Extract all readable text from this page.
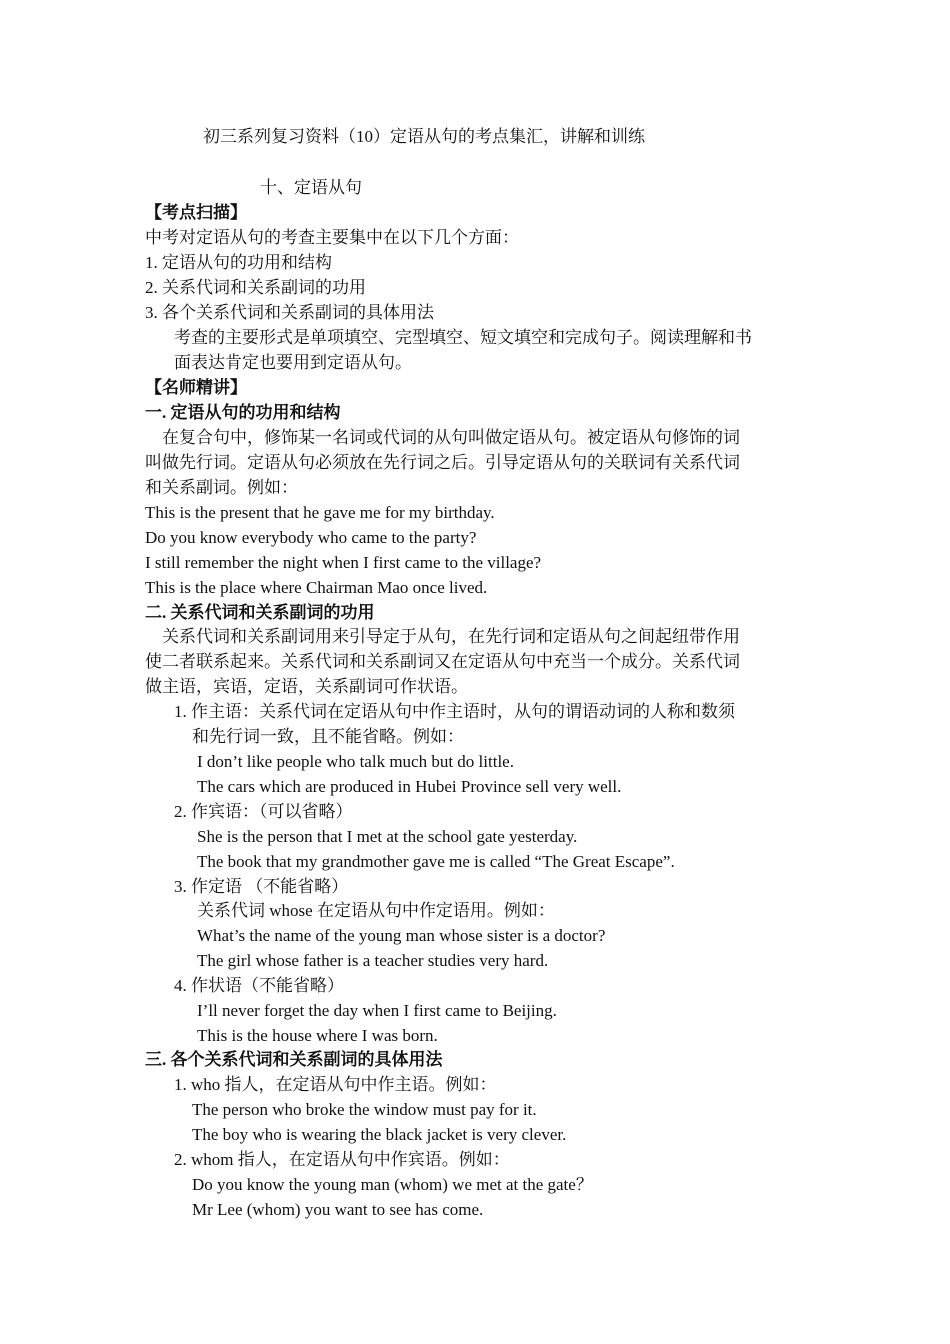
初三系列复习资料（10）定语从句的考点集汇，讲解和训练
十、定语从句
【考点扫描】
中考对定语从句的考查主要集中在以下几个方面：
1. 定语从句的功用和结构
2. 关系代词和关系副词的功用
3. 各个关系代词和关系副词的具体用法
考查的主要形式是单项填空、完型填空、短文填空和完成句子。阅读理解和书
面表达肯定也要用到定语从句。
【名师精讲】
一. 定语从句的功用和结构
在复合句中，修饰某一名词或代词的从句叫做定语从句。被定语从句修饰的词
叫做先行词。定语从句必须放在先行词之后。引导定语从句的关联词有关系代词
和关系副词。例如：
This is the present that he gave me for my birthday.
Do you know everybody who came to the party?
I still remember the night when I first came to the village?
This is the place where Chairman Mao once lived.
二. 关系代词和关系副词的功用
关系代词和关系副词用来引导定于从句，在先行词和定语从句之间起纽带作用
使二者联系起来。关系代词和关系副词又在定语从句中充当一个成分。关系代词
做主语，宾语，定语，关系副词可作状语。
1. 作主语：关系代词在定语从句中作主语时，从句的谓语动词的人称和数须
和先行词一致，且不能省略。例如：
I don’t like people who talk much but do little.
The cars which are produced in Hubei Province sell very well.
2. 作宾语：（可以省略）
She is the person that I met at the school gate yesterday.
The book that my grandmother gave me is called “The Great Escape”.
3. 作定语 （不能省略）
关系代词 whose 在定语从句中作定语用。例如：
What’s the name of the young man whose sister is a doctor?
The girl whose father is a teacher studies very hard.
4. 作状语（不能省略）
I’ll never forget the day when I first came to Beijing.
This is the house where I was born.
三. 各个关系代词和关系副词的具体用法
1. who 指人，在定语从句中作主语。例如：
The person who broke the window must pay for it.
The boy who is wearing the black jacket is very clever.
2. whom 指人，在定语从句中作宾语。例如：
Do you know the young man (whom) we met at the gate？
Mr Lee (whom) you want to see has come.
